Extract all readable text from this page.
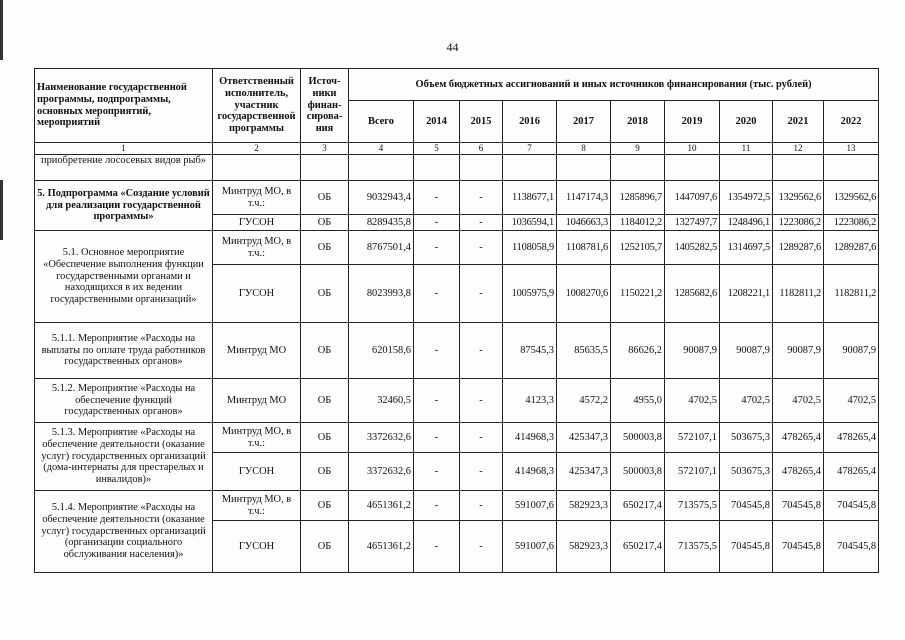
44
Наименование государственной программы, подпрограммы, основных мероприятий, мероприятий	Ответственный исполнитель, участник государственной программы	Источ- ники финан- сирова- ния	Объем бюджетных ассигнований и иных источников финансирования (тыс. рублей)									
			Всего	2014	2015	2016	2017	2018	2019	2020	2021	2022
1	2	3	4	5	6	7	8	9	10	11	12	13
приобретение лососевых видов рыб»												
5. Подпрограмма «Создание условий для реализации государственной программы»	Минтруд МО, в т.ч.:	ОБ	9032943,4	-	-	1138677,1	1147174,3	1285896,7	1447097,6	1354972,5	1329562,6	1329562,6
	ГУСОН	ОБ	8289435,8	-	-	1036594,1	1046663,3	1184012,2	1327497,7	1248496,1	1223086,2	1223086,2
5.1. Основное мероприятие «Обеспечение выполнения функции государственными органами и находящихся в их ведении государственными организаций»	Минтруд МО, в т.ч.:	ОБ	8767501,4	-	-	1108058,9	1108781,6	1252105,7	1405282,5	1314697,5	1289287,6	1289287,6
	ГУСОН	ОБ	8023993,8	-	-	1005975,9	1008270,6	1150221,2	1285682,6	1208221,1	1182811,2	1182811,2
5.1.1. Мероприятие «Расходы на выплаты по оплате труда работников государственных органов»	Минтруд МО	ОБ	620158,6	-	-	87545,3	85635,5	86626,2	90087,9	90087,9	90087,9	90087,9
5.1.2. Мероприятие «Расходы на обеспечение функций государственных органов»	Минтруд МО	ОБ	32460,5	-	-	4123,3	4572,2	4955,0	4702,5	4702,5	4702,5	4702,5
5.1.3. Мероприятие «Расходы на обеспечение деятельности (оказание услуг) государственных организаций (дома-интернаты для престарелых и инвалидов)»	Минтруд МО, в т.ч.:	ОБ	3372632,6	-	-	414968,3	425347,3	500003,8	572107,1	503675,3	478265,4	478265,4
	ГУСОН	ОБ	3372632,6	-	-	414968,3	425347,3	500003,8	572107,1	503675,3	478265,4	478265,4
5.1.4. Мероприятие «Расходы на обеспечение деятельности (оказание услуг) государственных организаций (организации социального обслуживания населения)»	Минтруд МО, в т.ч.:	ОБ	4651361,2	-	-	591007,6	582923,3	650217,4	713575,5	704545,8	704545,8	704545,8
	ГУСОН	ОБ	4651361,2	-	-	591007,6	582923,3	650217,4	713575,5	704545,8	704545,8	704545,8
